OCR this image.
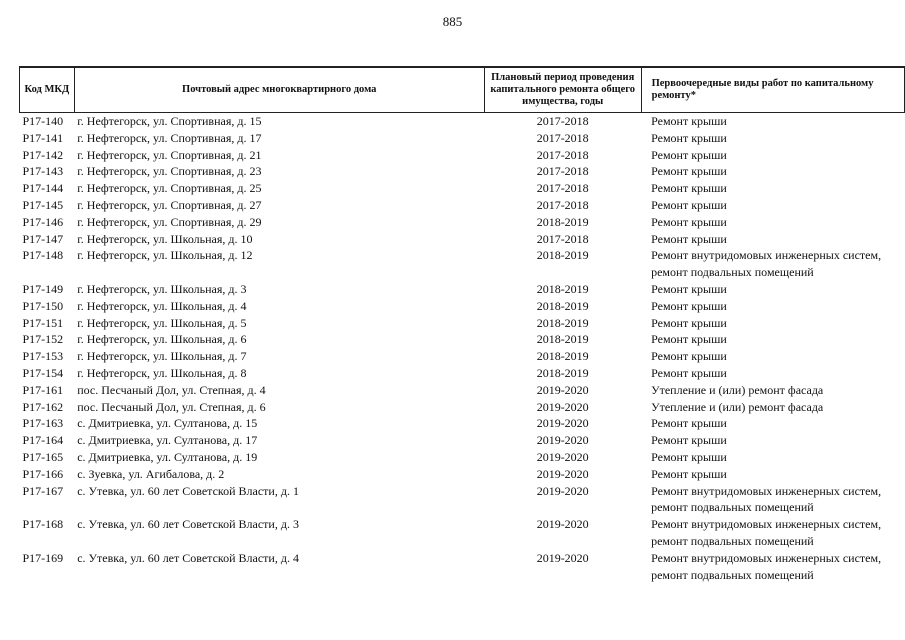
885
Код МКД	Почтовый адрес многоквартирного дома	Плановый период проведения капитального ремонта общего имущества, годы	Первоочередные виды работ по капитальному ремонту*
P17-140	г. Нефтегорск, ул. Спортивная, д. 15	2017-2018	Ремонт крыши
P17-141	г. Нефтегорск, ул. Спортивная, д. 17	2017-2018	Ремонт крыши
P17-142	г. Нефтегорск, ул. Спортивная, д. 21	2017-2018	Ремонт крыши
P17-143	г. Нефтегорск, ул. Спортивная, д. 23	2017-2018	Ремонт крыши
P17-144	г. Нефтегорск, ул. Спортивная, д. 25	2017-2018	Ремонт крыши
P17-145	г. Нефтегорск, ул. Спортивная, д. 27	2017-2018	Ремонт крыши
P17-146	г. Нефтегорск, ул. Спортивная, д. 29	2018-2019	Ремонт крыши
P17-147	г. Нефтегорск, ул. Школьная, д. 10	2017-2018	Ремонт крыши
P17-148	г. Нефтегорск, ул. Школьная, д. 12	2018-2019	Ремонт внутридомовых инженерных систем,
ремонт подвальных помещений
P17-149	г. Нефтегорск, ул. Школьная, д. 3	2018-2019	Ремонт крыши
P17-150	г. Нефтегорск, ул. Школьная, д. 4	2018-2019	Ремонт крыши
P17-151	г. Нефтегорск, ул. Школьная, д. 5	2018-2019	Ремонт крыши
P17-152	г. Нефтегорск, ул. Школьная, д. 6	2018-2019	Ремонт крыши
P17-153	г. Нефтегорск, ул. Школьная, д. 7	2018-2019	Ремонт крыши
P17-154	г. Нефтегорск, ул. Школьная, д. 8	2018-2019	Ремонт крыши
P17-161	пос. Песчаный Дол, ул. Степная, д. 4	2019-2020	Утепление и (или) ремонт фасада
P17-162	пос. Песчаный Дол, ул. Степная, д. 6	2019-2020	Утепление и (или) ремонт фасада
P17-163	с. Дмитриевка, ул. Султанова, д. 15	2019-2020	Ремонт крыши
P17-164	с. Дмитриевка, ул. Султанова, д. 17	2019-2020	Ремонт крыши
P17-165	с. Дмитриевка, ул. Султанова, д. 19	2019-2020	Ремонт крыши
P17-166	с. Зуевка, ул. Агибалова, д. 2	2019-2020	Ремонт крыши
P17-167	с. Утевка, ул. 60 лет Советской Власти, д. 1	2019-2020	Ремонт внутридомовых инженерных систем,
ремонт подвальных помещений
P17-168	с. Утевка, ул. 60 лет Советской Власти, д. 3	2019-2020	Ремонт внутридомовых инженерных систем,
ремонт подвальных помещений
P17-169	с. Утевка, ул. 60 лет Советской Власти, д. 4	2019-2020	Ремонт внутридомовых инженерных систем,
ремонт подвальных помещений
